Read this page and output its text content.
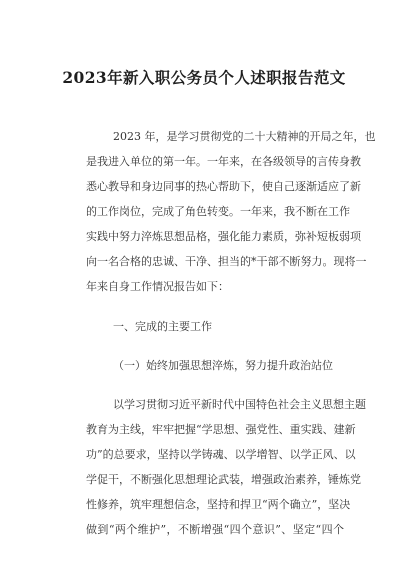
2023年新入职公务员个人述职报告范文
2023 年，是学习贯彻党的二十大精神的开局之年，也
是我进入单位的第一年。一年来，在各级领导的言传身教
悉心教导和身边同事的热心帮助下，使自己逐渐适应了新
的工作岗位，完成了角色转变。一年来，我不断在工作
实践中努力淬炼思想品格，强化能力素质，弥补短板弱项
向一名合格的忠诚、干净、担当的*干部不断努力。现将一
年来自身工作情况报告如下：
一、完成的主要工作
（一）始终加强思想淬炼，努力提升政治站位
以学习贯彻习近平新时代中国特色社会主义思想主题
教育为主线，牢牢把握“学思想、强党性、重实践、建新
功”的总要求，坚持以学铸魂、以学增智、以学正风、以
学促干，不断强化思想理论武装，增强政治素养，锤炼党
性修养，筑牢理想信念，坚持和捍卫“两个确立”，坚决
做到“两个维护”，不断增强“四个意识”、坚定“四个
